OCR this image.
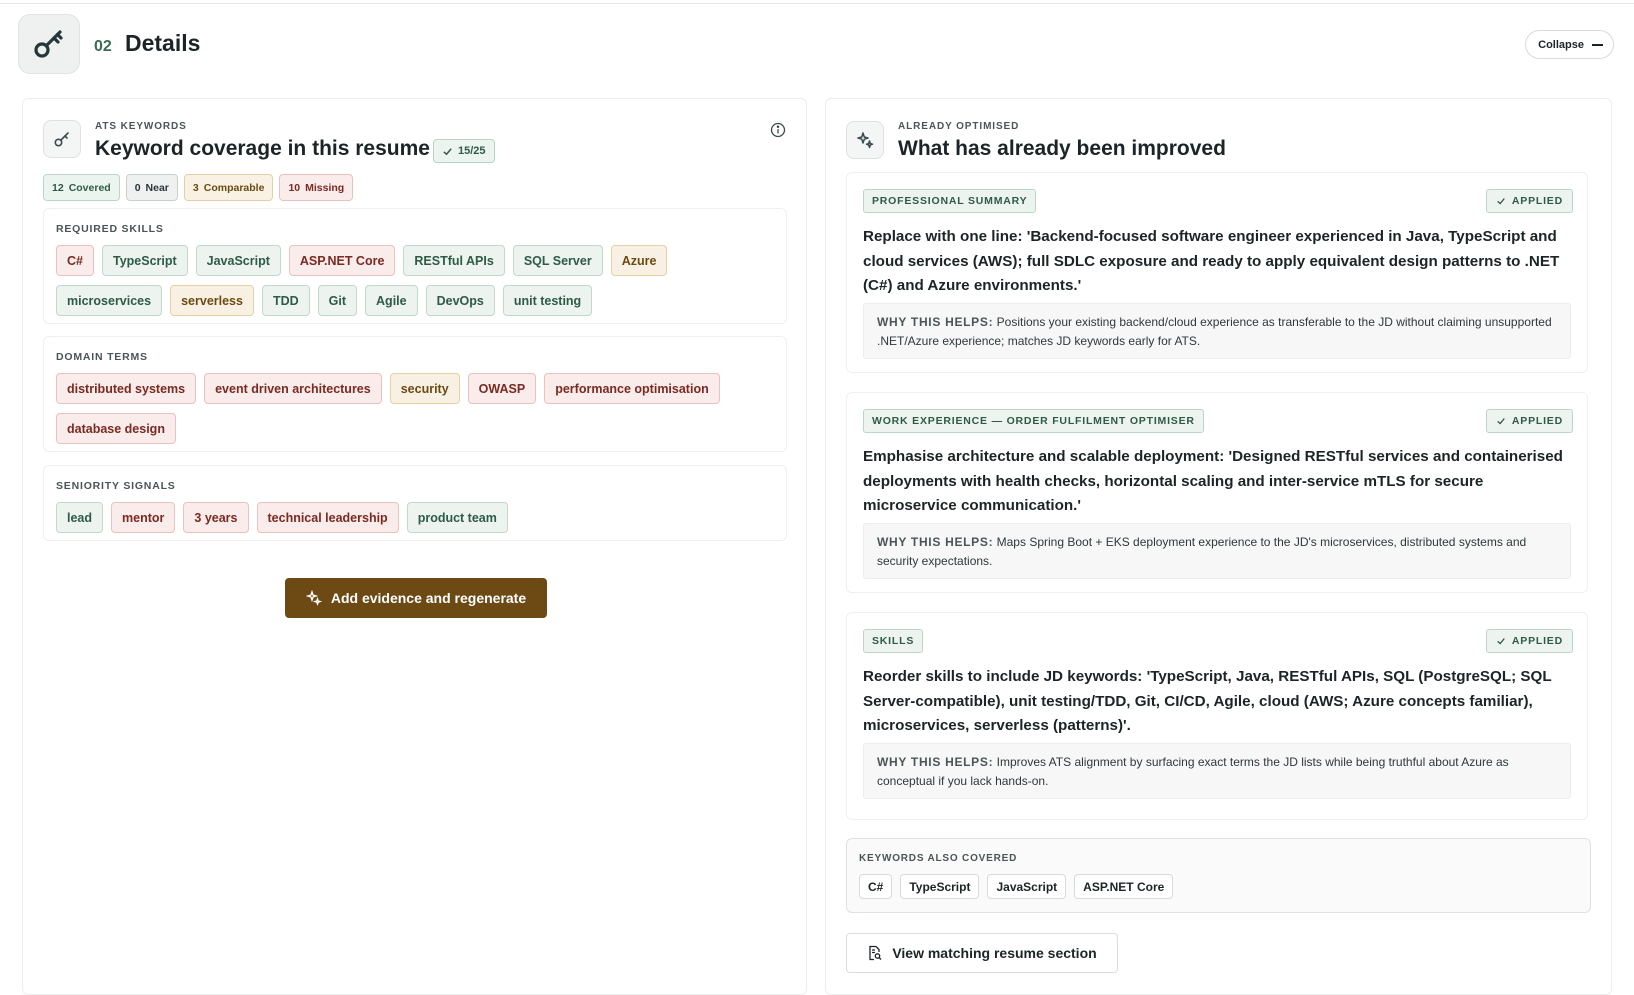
02 Details	Collapse
ATS KEYWORDS
Keyword coverage in this resume	15/25
12 Covered 0 Near 3 Comparable 10 Missing
REQUIRED SKILLS
C#	TypeScript	JavaScript	ASP.NET Core	RESTful APIs	SQL Server	Azure
microservices	serverless	TDD	Git	Agile	DevOps	unit testing
DOMAIN TERMS
distributed systems	event driven architectures	security	OWASP	performance optimisation
database design
SENIORITY SIGNALS
lead	mentor	3 years	technical leadership	product team
Add evidence and regenerate
ALREADY OPTIMISED
What has already been improved
PROFESSIONAL SUMMARY	APPLIED
Replace with one line: 'Backend-focused software engineer experienced in Java, TypeScript and cloud services (AWS); full SDLC exposure and ready to apply equivalent design patterns to .NET (C#) and Azure environments.'
WHY THIS HELPS: Positions your existing backend/cloud experience as transferable to the JD without claiming unsupported .NET/Azure experience; matches JD keywords early for ATS.
WORK EXPERIENCE — ORDER FULFILMENT OPTIMISER	APPLIED
Emphasise architecture and scalable deployment: 'Designed RESTful services and containerised deployments with health checks, horizontal scaling and inter-service mTLS for secure microservice communication.'
WHY THIS HELPS: Maps Spring Boot + EKS deployment experience to the JD's microservices, distributed systems and security expectations.
SKILLS	APPLIED
Reorder skills to include JD keywords: 'TypeScript, Java, RESTful APIs, SQL (PostgreSQL; SQL Server-compatible), unit testing/TDD, Git, CI/CD, Agile, cloud (AWS; Azure concepts familiar), microservices, serverless (patterns)'.
WHY THIS HELPS: Improves ATS alignment by surfacing exact terms the JD lists while being truthful about Azure as conceptual if you lack hands-on.
KEYWORDS ALSO COVERED
C#	TypeScript	JavaScript	ASP.NET Core
View matching resume section
